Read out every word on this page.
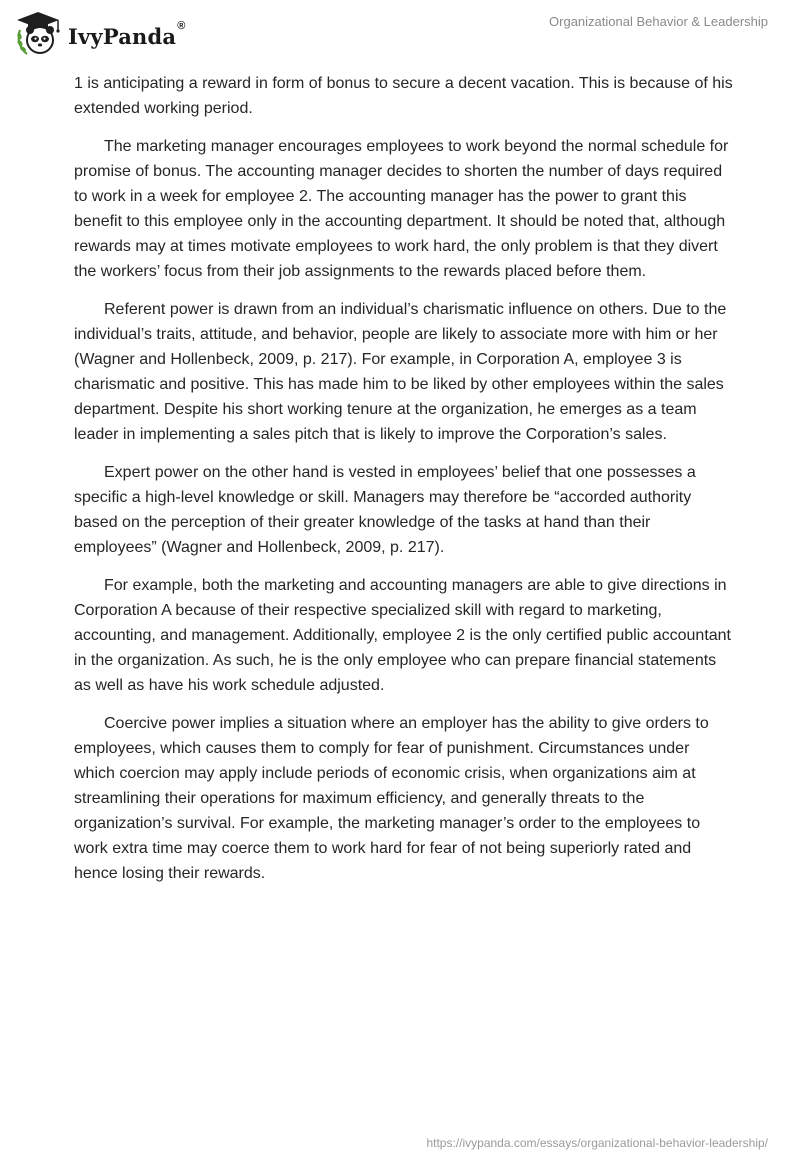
IvyPanda®	Organizational Behavior & Leadership

1 is anticipating a reward in form of bonus to secure a decent vacation. This is because of his extended working period.

The marketing manager encourages employees to work beyond the normal schedule for promise of bonus. The accounting manager decides to shorten the number of days required to work in a week for employee 2. The accounting manager has the power to grant this benefit to this employee only in the accounting department. It should be noted that, although rewards may at times motivate employees to work hard, the only problem is that they divert the workers’ focus from their job assignments to the rewards placed before them.

Referent power is drawn from an individual’s charismatic influence on others. Due to the individual’s traits, attitude, and behavior, people are likely to associate more with him or her (Wagner and Hollenbeck, 2009, p. 217). For example, in Corporation A, employee 3 is charismatic and positive. This has made him to be liked by other employees within the sales department. Despite his short working tenure at the organization, he emerges as a team leader in implementing a sales pitch that is likely to improve the Corporation’s sales.

Expert power on the other hand is vested in employees’ belief that one possesses a specific a high-level knowledge or skill. Managers may therefore be “accorded authority based on the perception of their greater knowledge of the tasks at hand than their employees” (Wagner and Hollenbeck, 2009, p. 217).

For example, both the marketing and accounting managers are able to give directions in Corporation A because of their respective specialized skill with regard to marketing, accounting, and management. Additionally, employee 2 is the only certified public accountant in the organization. As such, he is the only employee who can prepare financial statements as well as have his work schedule adjusted.

Coercive power implies a situation where an employer has the ability to give orders to employees, which causes them to comply for fear of punishment. Circumstances under which coercion may apply include periods of economic crisis, when organizations aim at streamlining their operations for maximum efficiency, and generally threats to the organization’s survival. For example, the marketing manager’s order to the employees to work extra time may coerce them to work hard for fear of not being superiorly rated and hence losing their rewards.

https://ivypanda.com/essays/organizational-behavior-leadership/
